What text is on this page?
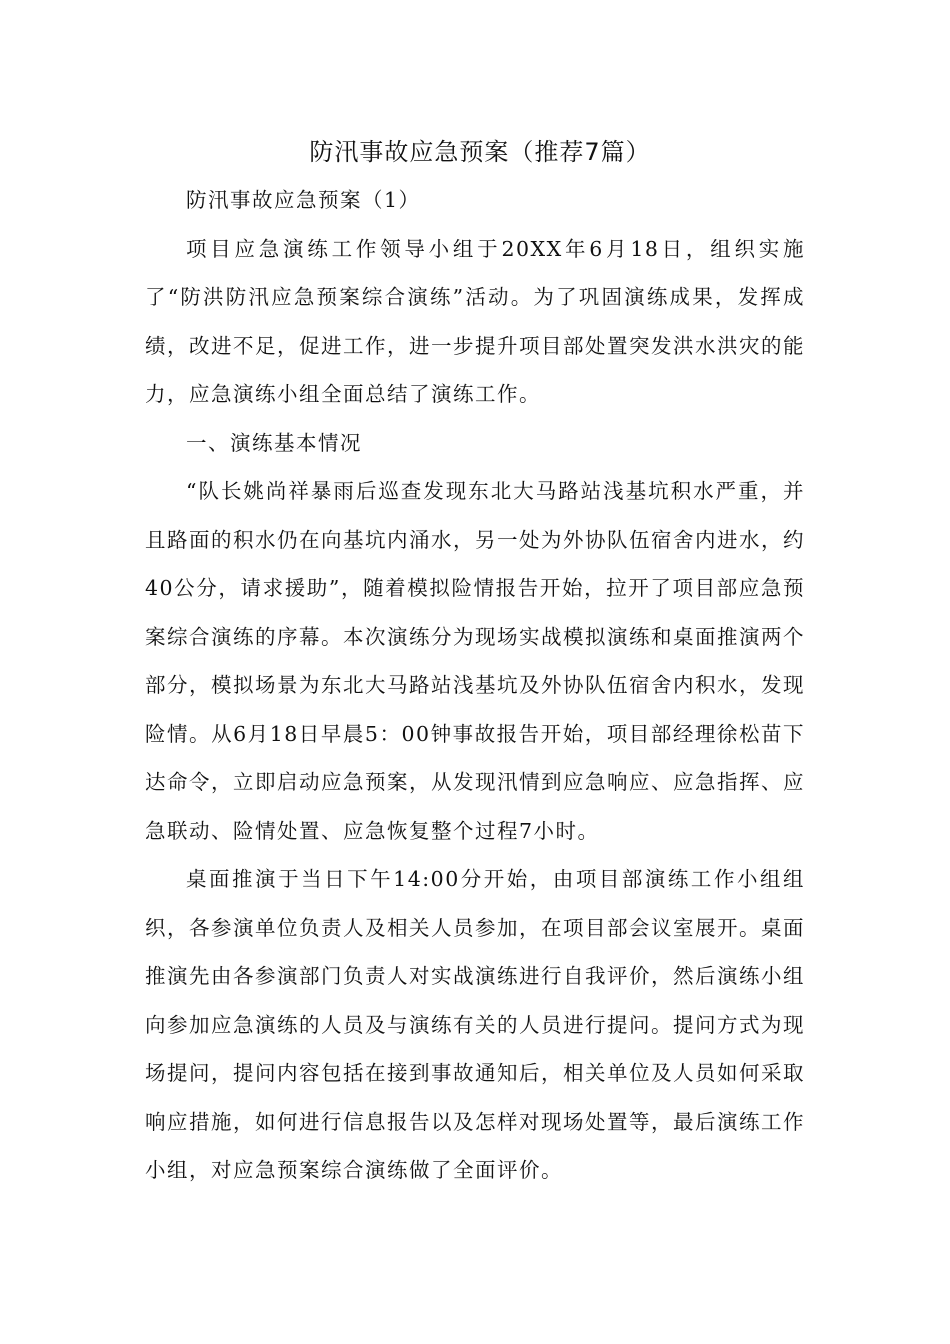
防汛事故应急预案（推荐7篇）

防汛事故应急预案（1）

项目应急演练工作领导小组于20XX年6月18日，组织实施了“防洪防汛应急预案综合演练”活动。为了巩固演练成果，发挥成绩，改进不足，促进工作，进一步提升项目部处置突发洪水洪灾的能力，应急演练小组全面总结了演练工作。

一、演练基本情况

“队长姚尚祥暴雨后巡查发现东北大马路站浅基坑积水严重，并且路面的积水仍在向基坑内涌水，另一处为外协队伍宿舍内进水，约40公分，请求援助”，随着模拟险情报告开始，拉开了项目部应急预案综合演练的序幕。本次演练分为现场实战模拟演练和桌面推演两个部分，模拟场景为东北大马路站浅基坑及外协队伍宿舍内积水，发现险情。从6月18日早晨5：00钟事故报告开始，项目部经理徐松苗下达命令，立即启动应急预案，从发现汛情到应急响应、应急指挥、应急联动、险情处置、应急恢复整个过程7小时。

桌面推演于当日下午14:00分开始，由项目部演练工作小组组织，各参演单位负责人及相关人员参加，在项目部会议室展开。桌面推演先由各参演部门负责人对实战演练进行自我评价，然后演练小组向参加应急演练的人员及与演练有关的人员进行提问。提问方式为现场提问，提问内容包括在接到事故通知后，相关单位及人员如何采取响应措施，如何进行信息报告以及怎样对现场处置等，最后演练工作小组，对应急预案综合演练做了全面评价。
